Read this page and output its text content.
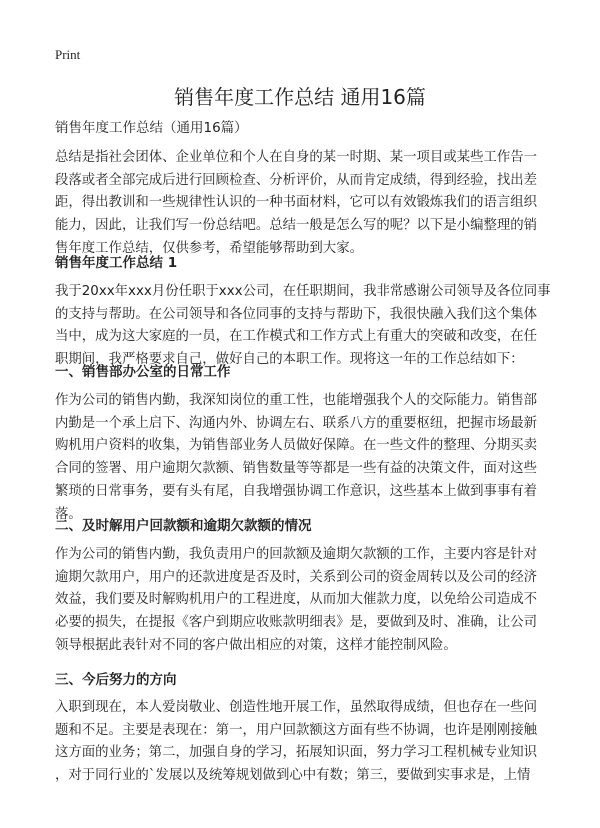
Print
销售年度工作总结 通用16篇
销售年度工作总结（通用16篇）
总结是指社会团体、企业单位和个人在自身的某一时期、某一项目或某些工作告一
段落或者全部完成后进行回顾检查、分析评价，从而肯定成绩，得到经验，找出差
距，得出教训和一些规律性认识的一种书面材料，它可以有效锻炼我们的语言组织
能力，因此，让我们写一份总结吧。总结一般是怎么写的呢？以下是小编整理的销
售年度工作总结，仅供参考，希望能够帮助到大家。
销售年度工作总结 1
我于20xx年xxx月份任职于xxx公司，在任职期间，我非常感谢公司领导及各位同事
的支持与帮助。在公司领导和各位同事的支持与帮助下，我很快融入我们这个集体
当中，成为这大家庭的一员，在工作模式和工作方式上有重大的突破和改变，在任
职期间，我严格要求自己，做好自己的本职工作。现将这一年的工作总结如下：
一、销售部办公室的日常工作
作为公司的销售内勤，我深知岗位的重工性，也能增强我个人的交际能力。销售部
内勤是一个承上启下、沟通内外、协调左右、联系八方的重要枢纽，把握市场最新
购机用户资料的收集，为销售部业务人员做好保障。在一些文件的整理、分期买卖
合同的签署、用户逾期欠款额、销售数量等等都是一些有益的决策文件，面对这些
繁琐的日常事务，要有头有尾，自我增强协调工作意识，这些基本上做到事事有着
落。
二、及时解用户回款额和逾期欠款额的情况
作为公司的销售内勤，我负责用户的回款额及逾期欠款额的工作，主要内容是针对
逾期欠款用户，用户的还款进度是否及时，关系到公司的资金周转以及公司的经济
效益，我们要及时解购机用户的工程进度，从而加大催款力度，以免给公司造成不
必要的损失，在提报《客户到期应收账款明细表》是，要做到及时、准确，让公司
领导根据此表针对不同的客户做出相应的对策，这样才能控制风险。
三、今后努力的方向
入职到现在，本人爱岗敬业、创造性地开展工作，虽然取得成绩，但也存在一些问
题和不足。主要是表现在：第一，用户回款额这方面有些不协调，也许是刚刚接触
这方面的业务；第二，加强自身的学习，拓展知识面，努力学习工程机械专业知识
，对于同行业的`发展以及统筹规划做到心中有数；第三，要做到实事求是，上情
